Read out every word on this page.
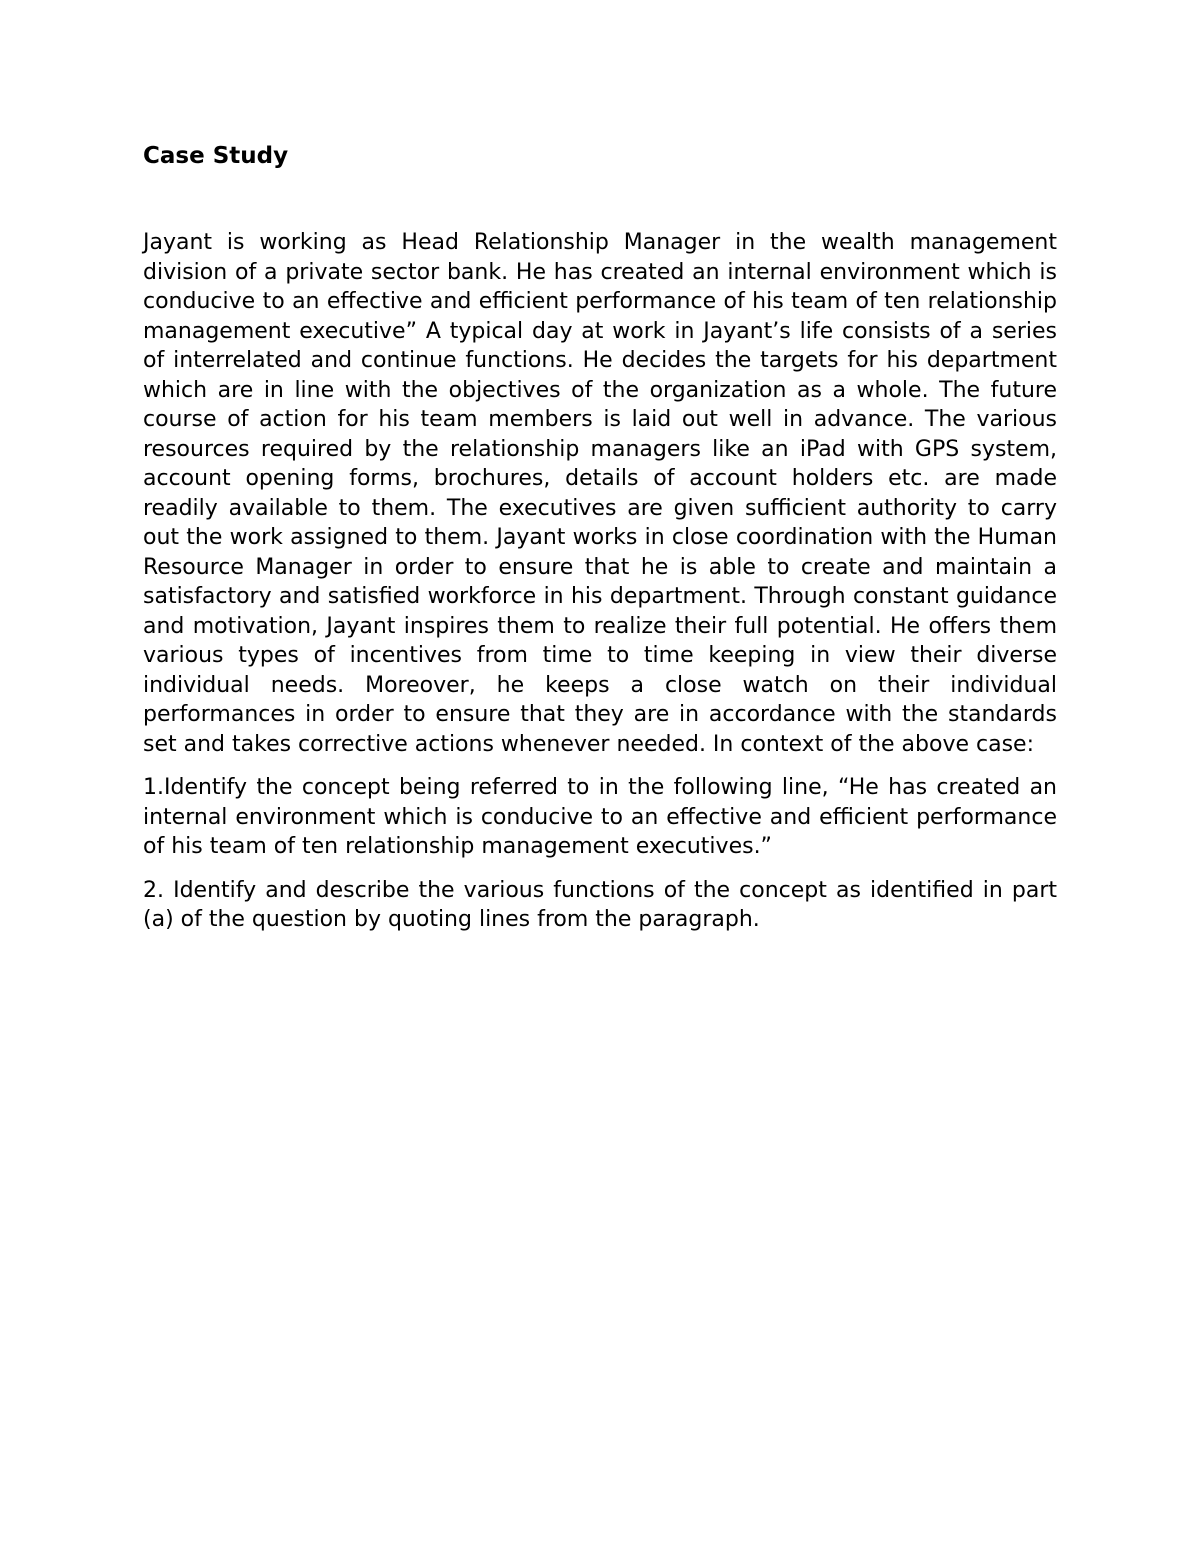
Case Study

Jayant is working as Head Relationship Manager in the wealth management division of a private sector bank. He has created an internal environment which is conducive to an effective and efficient performance of his team of ten relationship management executive” A typical day at work in Jayant’s life consists of a series of interrelated and continue functions. He decides the targets for his department which are in line with the objectives of the organization as a whole. The future course of action for his team members is laid out well in advance. The various resources required by the relationship managers like an iPad with GPS system, account opening forms, brochures, details of account holders etc. are made readily available to them. The executives are given sufficient authority to carry out the work assigned to them. Jayant works in close coordination with the Human Resource Manager in order to ensure that he is able to create and maintain a satisfactory and satisfied workforce in his department. Through constant guidance and motivation, Jayant inspires them to realize their full potential. He offers them various types of incentives from time to time keeping in view their diverse individual needs. Moreover, he keeps a close watch on their individual performances in order to ensure that they are in accordance with the standards set and takes corrective actions whenever needed. In context of the above case:

1.Identify the concept being referred to in the following line, “He has created an internal environment which is conducive to an effective and efficient performance of his team of ten relationship management executives.”

2. Identify and describe the various functions of the concept as identified in part (a) of the question by quoting lines from the paragraph.
